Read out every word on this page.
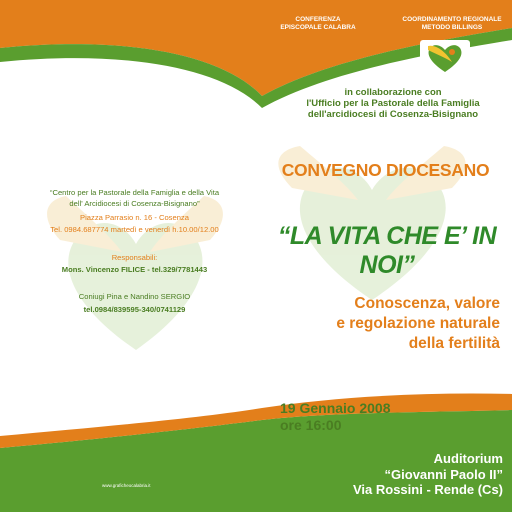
CONFERENZA
EPISCOPALE CALABRA
COORDINAMENTO REGIONALE
METODO BILLINGS
in collaborazione con
l'Ufficio per la Pastorale della Famiglia
dell'arcidiocesi di Cosenza-Bisignano
CONVEGNO DIOCESANO
“LA VITA CHE E’ IN NOI”
Conoscenza, valore
e regolazione naturale
della fertilità
19 Gennaio 2008
ore 16:00
Auditorium
“Giovanni Paolo II”
Via Rossini - Rende (Cs)
“Centro per la Pastorale della Famiglia e della Vita
dell' Arcidiocesi di Cosenza-Bisignano”
Piazza Parrasio n. 16 - Cosenza
Tel. 0984.687774 martedì e venerdì h.10.00/12.00
Responsabili:
Mons. Vincenzo FILICE - tel.329/7781443
Coniugi Pina e Nandino SERGIO
tel.0984/839595-340/0741129
www.graficheocalabria.it
